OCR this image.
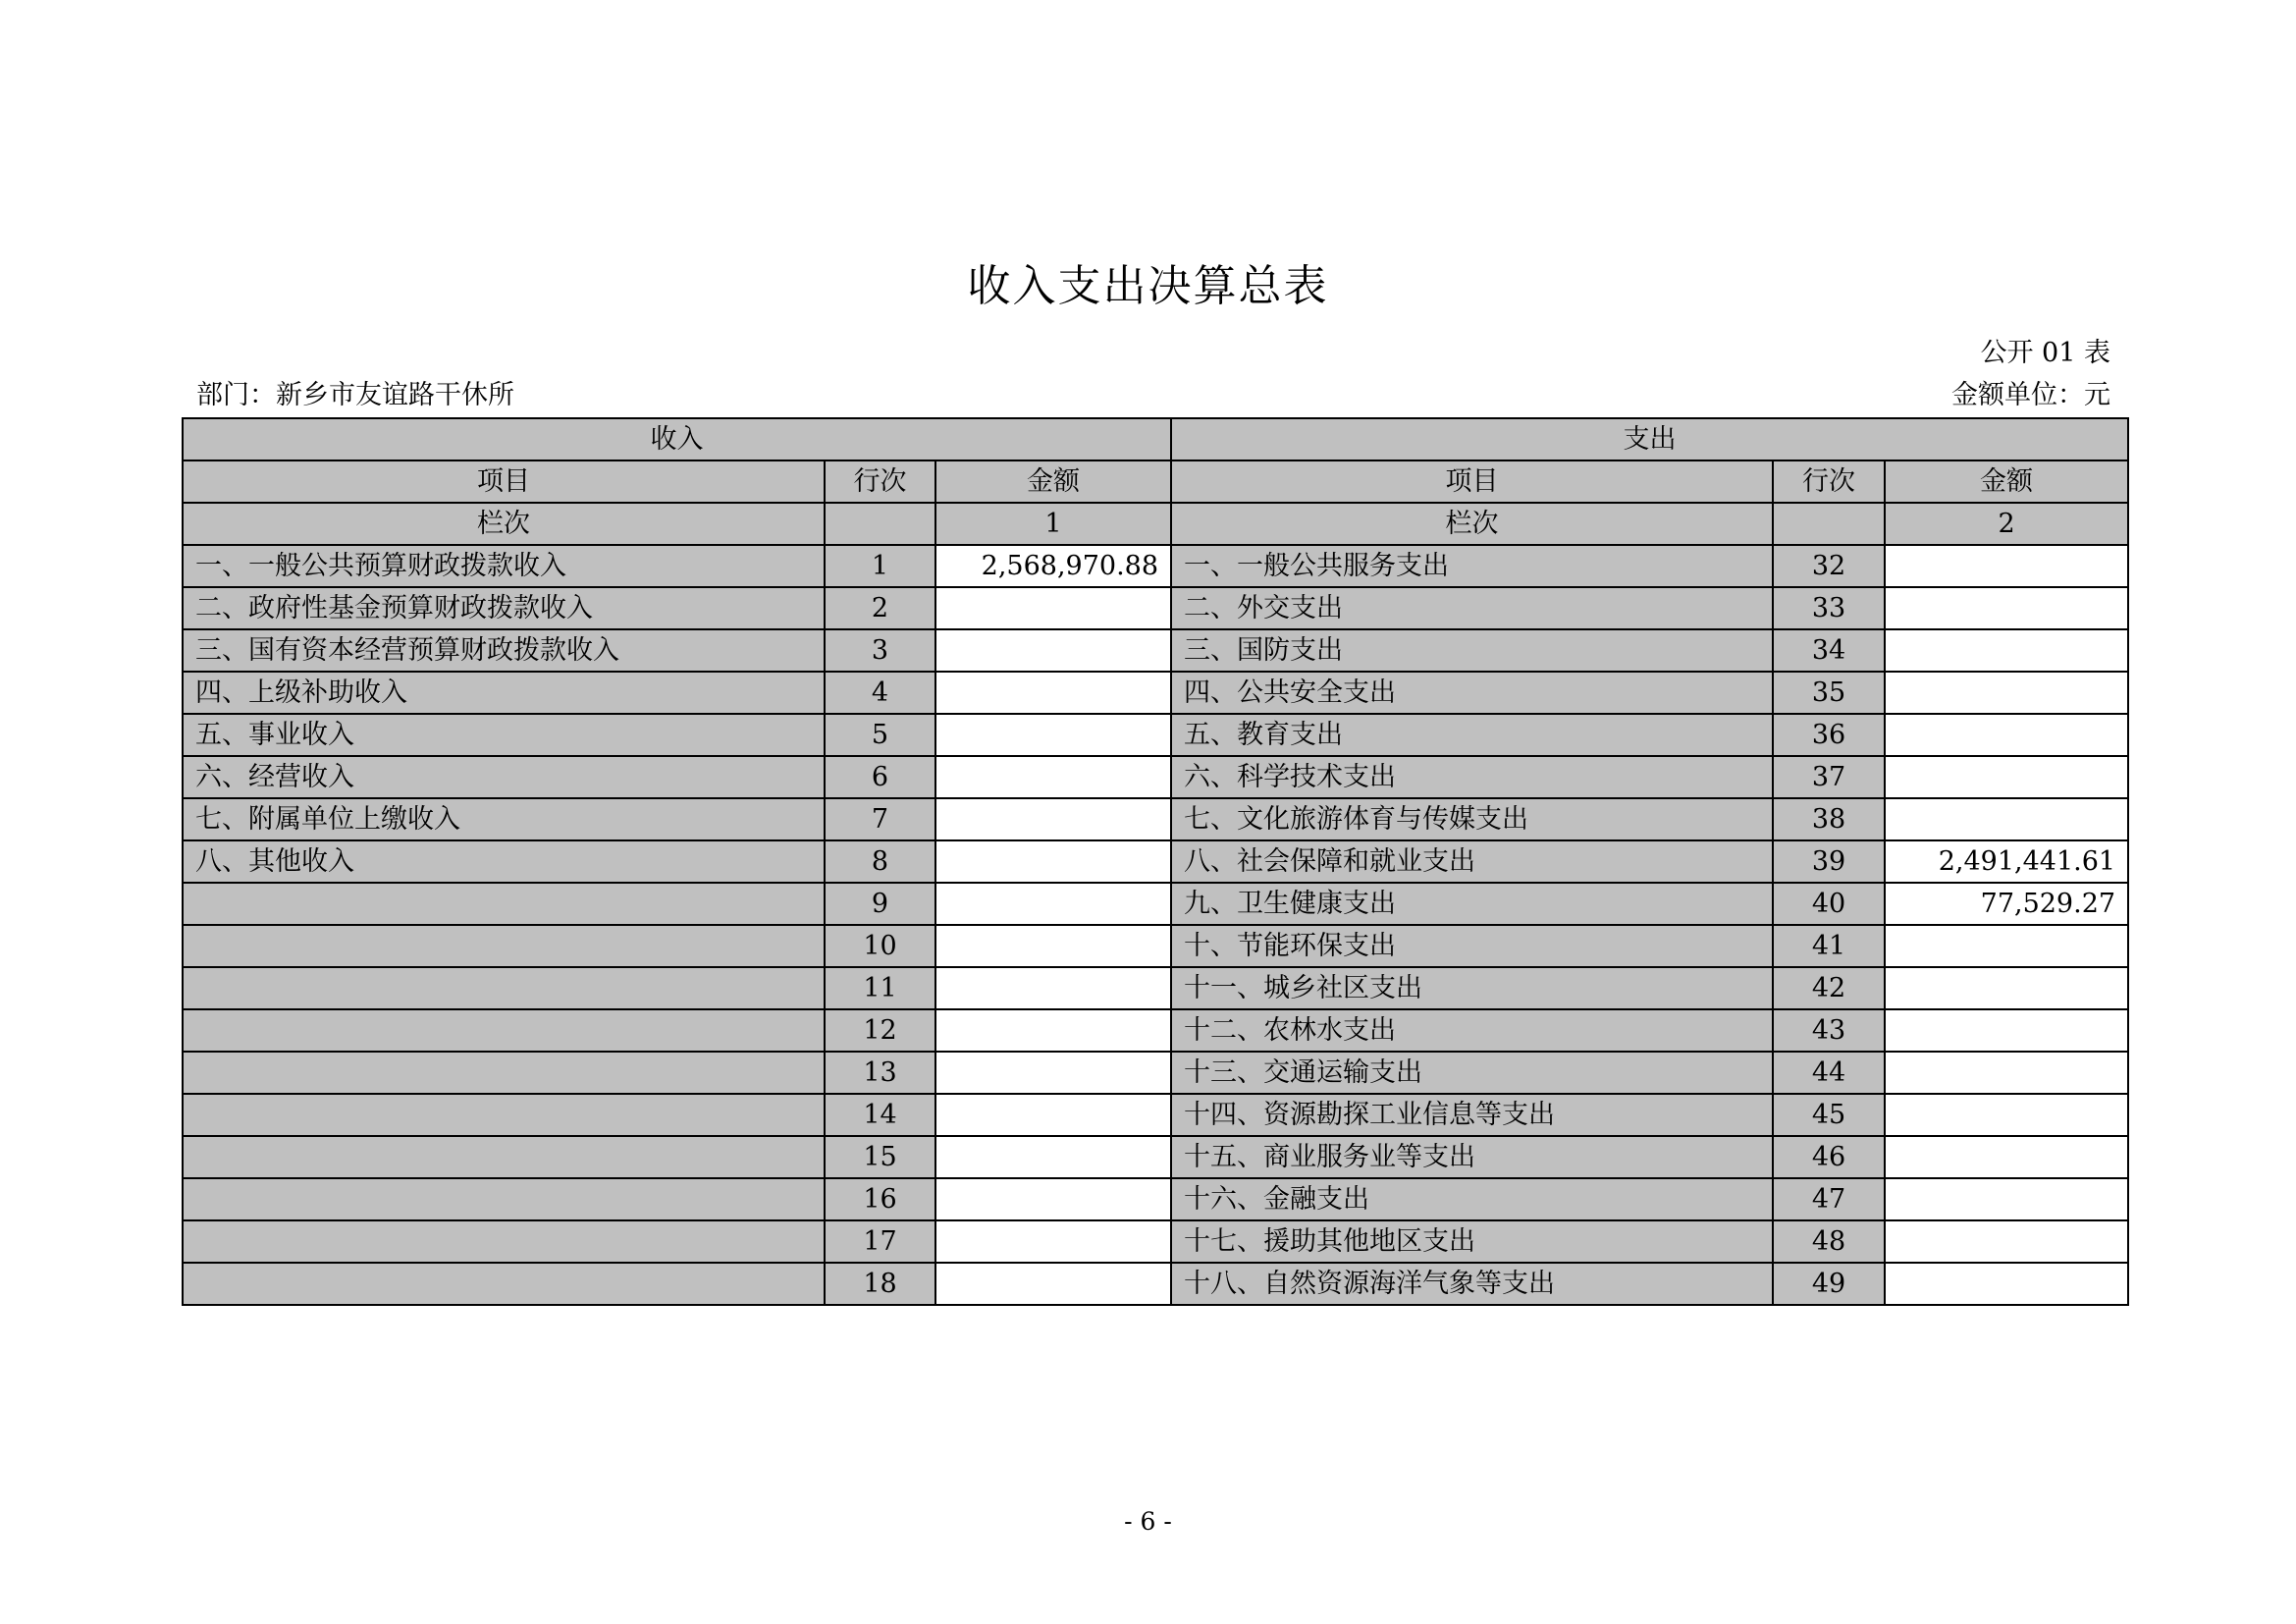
收入支出决算总表
公开 01 表
部门：新乡市友谊路干休所	金额单位：元
收入			支出		
项目	行次	金额	项目	行次	金额
栏次		1	栏次		2
一、一般公共预算财政拨款收入	1	2,568,970.88	一、一般公共服务支出	32	
二、政府性基金预算财政拨款收入	2		二、外交支出	33	
三、国有资本经营预算财政拨款收入	3		三、国防支出	34	
四、上级补助收入	4		四、公共安全支出	35	
五、事业收入	5		五、教育支出	36	
六、经营收入	6		六、科学技术支出	37	
七、附属单位上缴收入	7		七、文化旅游体育与传媒支出	38	
八、其他收入	8		八、社会保障和就业支出	39	2,491,441.61
	9		九、卫生健康支出	40	77,529.27
	10		十、节能环保支出	41	
	11		十一、城乡社区支出	42	
	12		十二、农林水支出	43	
	13		十三、交通运输支出	44	
	14		十四、资源勘探工业信息等支出	45	
	15		十五、商业服务业等支出	46	
	16		十六、金融支出	47	
	17		十七、援助其他地区支出	48	
	18		十八、自然资源海洋气象等支出	49	
- 6 -
